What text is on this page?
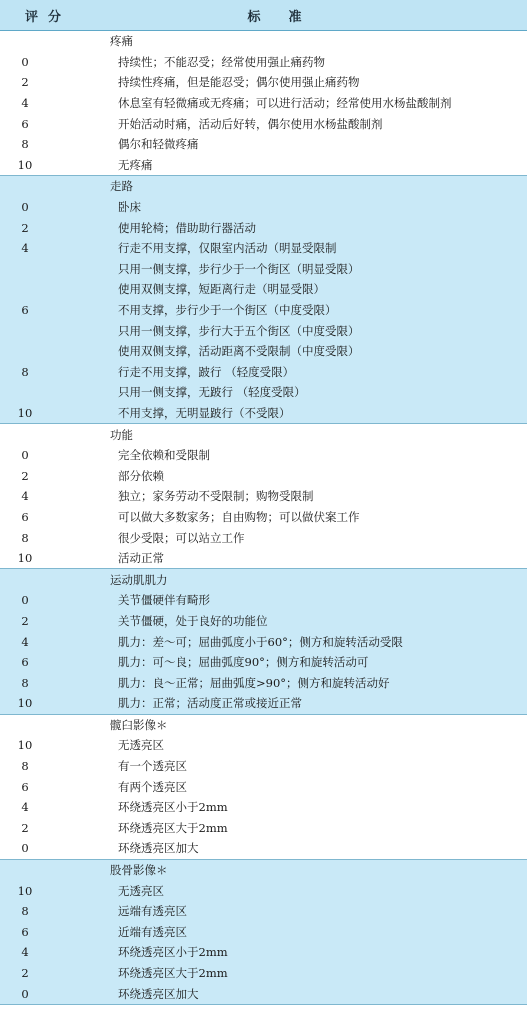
评分	标准
疼痛
0	持续性；不能忍受；经常使用强止痛药物
2	持续性疼痛，但是能忍受；偶尔使用强止痛药物
4	休息室有轻微痛或无疼痛；可以进行活动；经常使用水杨盐酸制剂
6	开始活动时痛，活动后好转，偶尔使用水杨盐酸制剂
8	偶尔和轻微疼痛
10	无疼痛
走路
0	卧床
2	使用轮椅；借助助行器活动
4	行走不用支撑，仅限室内活动（明显受限制
只用一侧支撑，步行少于一个街区（明显受限）
使用双侧支撑，短距离行走（明显受限）
6	不用支撑，步行少于一个街区（中度受限）
只用一侧支撑，步行大于五个街区（中度受限）
使用双侧支撑，活动距离不受限制（中度受限）
8	行走不用支撑，跛行 （轻度受限）
只用一侧支撑，无跛行 （轻度受限）
10	不用支撑，无明显跛行（不受限）
功能
0	完全依赖和受限制
2	部分依赖
4	独立；家务劳动不受限制；购物受限制
6	可以做大多数家务；自由购物；可以做伏案工作
8	很少受限；可以站立工作
10	活动正常
运动肌肌力
0	关节僵硬伴有畸形
2	关节僵硬，处于良好的功能位
4	肌力：差～可；屈曲弧度小于60°；侧方和旋转活动受限
6	肌力：可～良；屈曲弧度90°；侧方和旋转活动可
8	肌力：良～正常；屈曲弧度>90°；侧方和旋转活动好
10	肌力：正常；活动度正常或接近正常
髋臼影像＊
10	无透亮区
8	有一个透亮区
6	有两个透亮区
4	环绕透亮区小于2mm
2	环绕透亮区大于2mm
0	环绕透亮区加大
股骨影像＊
10	无透亮区
8	远端有透亮区
6	近端有透亮区
4	环绕透亮区小于2mm
2	环绕透亮区大于2mm
0	环绕透亮区加大
